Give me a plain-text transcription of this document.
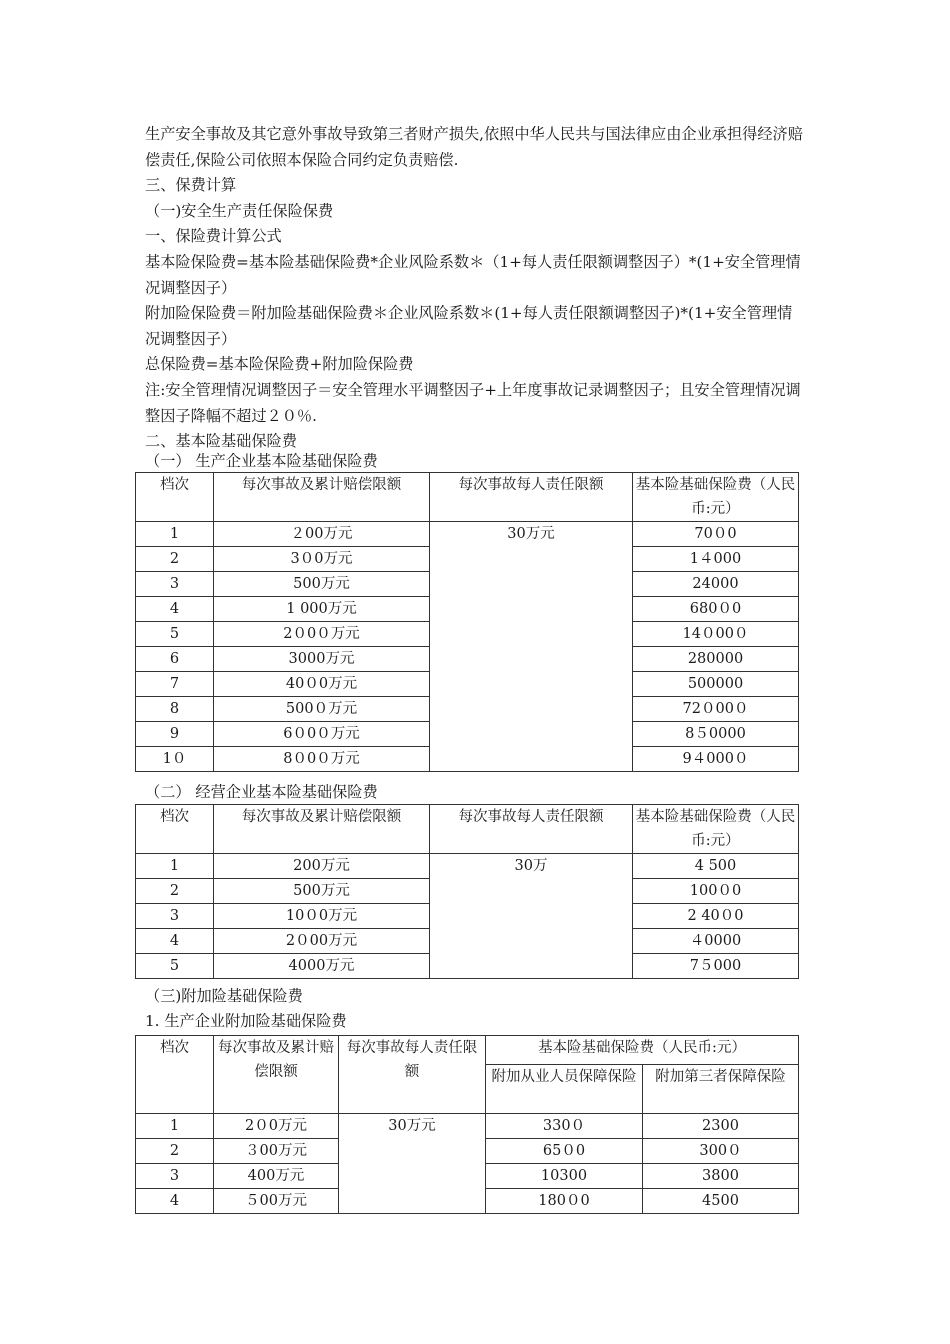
生产安全事故及其它意外事故导致第三者财产损失,依照中华人民共与国法律应由企业承担得经济赔偿责任,保险公司依照本保险合同约定负责赔偿.

三、保费计算

（一)安全生产责任保险保费

一、保险费计算公式

基本险保险费=基本险基础保险费*企业风险系数＊（1+每人责任限额调整因子）*(1+安全管理情况调整因子）

附加险保险费＝附加险基础保险费＊企业风险系数＊(1+每人责任限额调整因子)*(1+安全管理情况调整因子）

总保险费=基本险保险费+附加险保险费

注:安全管理情况调整因子＝安全管理水平调整因子+上年度事故记录调整因子；且安全管理情况调整因子降幅不超过２０％.

二、基本险基础保险费

（一） 生产企业基本险基础保险费

档次	每次事故及累计赔偿限额	每次事故每人责任限额	基本险基础保险费（人民币:元）
1	２00万元	30万元	70０0
2	3０0万元		1４000
3	500万元		24000
4	1 000万元		680０0
5	2０0０万元		14０00０
6	3000万元		280000
7	40０0万元		500000
8	500０万元		72０00０
9	6０0０万元		8５0000
1０	8０0０万元		9４000０

（二） 经营企业基本险基础保险费

档次	每次事故及累计赔偿限额	每次事故每人责任限额	基本险基础保险费（人民币:元）
1	200万元	30万	4 500
2	500万元		100０0
3	10０0万元		2 40０0
4	2０00万元		４0000
5	4000万元		7５000

（三)附加险基础保险费

1. 生产企业附加险基础保险费

档次	每次事故及累计赔偿限额	每次事故每人责任限额	基本险基础保险费（人民币:元）	
			附加从业人员保障保险	附加第三者保障保险
1	2０0万元	30万元	330０	2300
2	３00万元		65０0	300０
3	400万元		10300	3800
4	５00万元		180０0	4500
